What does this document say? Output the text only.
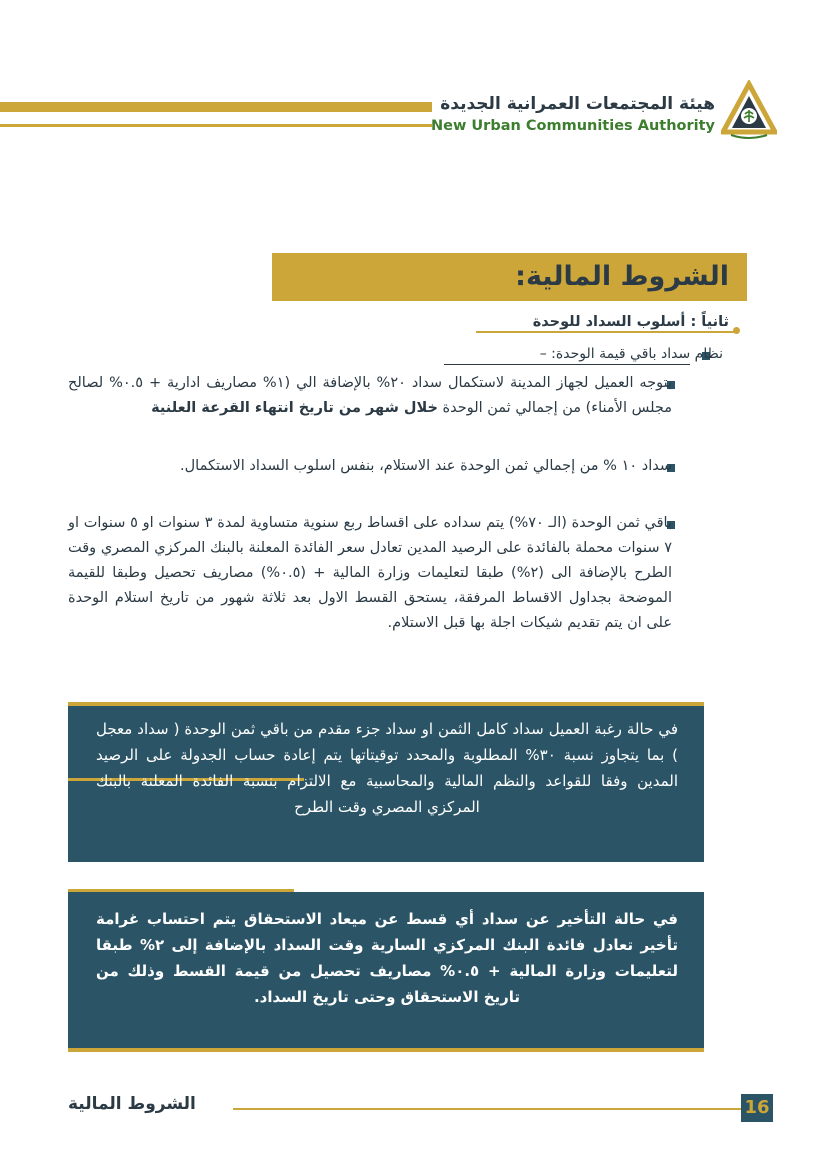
هيئة المجتمعات العمرانية الجديدة
New Urban Communities Authority
الشروط المالية:
ثانياً : أسلوب السداد للوحدة
نظام سداد باقي قيمة الوحدة: –
يتوجه العميل لجهاز المدينة لاستكمال سداد ٢٠% بالإضافة الي (١% مصاريف ادارية + ٠.٥% لصالح مجلس الأمناء) من إجمالي ثمن الوحدة خلال شهر من تاريخ انتهاء القرعة العلنية
سداد ١٠ % من إجمالي ثمن الوحدة عند الاستلام، بنفس اسلوب السداد الاستكمال.
باقي ثمن الوحدة (الـ ٧٠%) يتم سداده على اقساط ربع سنوية متساوية لمدة ٣ سنوات او ٥ سنوات او ٧ سنوات محملة بالفائدة على الرصيد المدين تعادل سعر الفائدة المعلنة بالبنك المركزي المصري وقت الطرح بالإضافة الى (٢%) طبقا لتعليمات وزارة المالية + (٠.٥%) مصاريف تحصيل وطبقا للقيمة الموضحة بجداول الاقساط المرفقة، يستحق القسط الاول بعد ثلاثة شهور من تاريخ استلام الوحدة على ان يتم تقديم شيكات اجلة بها قبل الاستلام.
في حالة رغبة العميل سداد كامل الثمن او سداد جزء مقدم من باقي ثمن الوحدة ( سداد معجل ) بما يتجاوز نسبة ٣٠% المطلوبة والمحدد توقيتاتها يتم إعادة حساب الجدولة على الرصيد المدين وفقا للقواعد والنظم المالية والمحاسبية مع الالتزام بنسبة الفائدة المعلنة بالبنك المركزي المصري وقت الطرح
في حالة التأخير عن سداد أي قسط عن ميعاد الاستحقاق يتم احتساب غرامة تأخير تعادل فائدة البنك المركزي السارية وقت السداد بالإضافة إلى ٢% طبقا لتعليمات وزارة المالية + ٠.٥% مصاريف تحصيل من قيمة القسط وذلك من تاريخ الاستحقاق وحتى تاريخ السداد.
16
الشروط المالية
